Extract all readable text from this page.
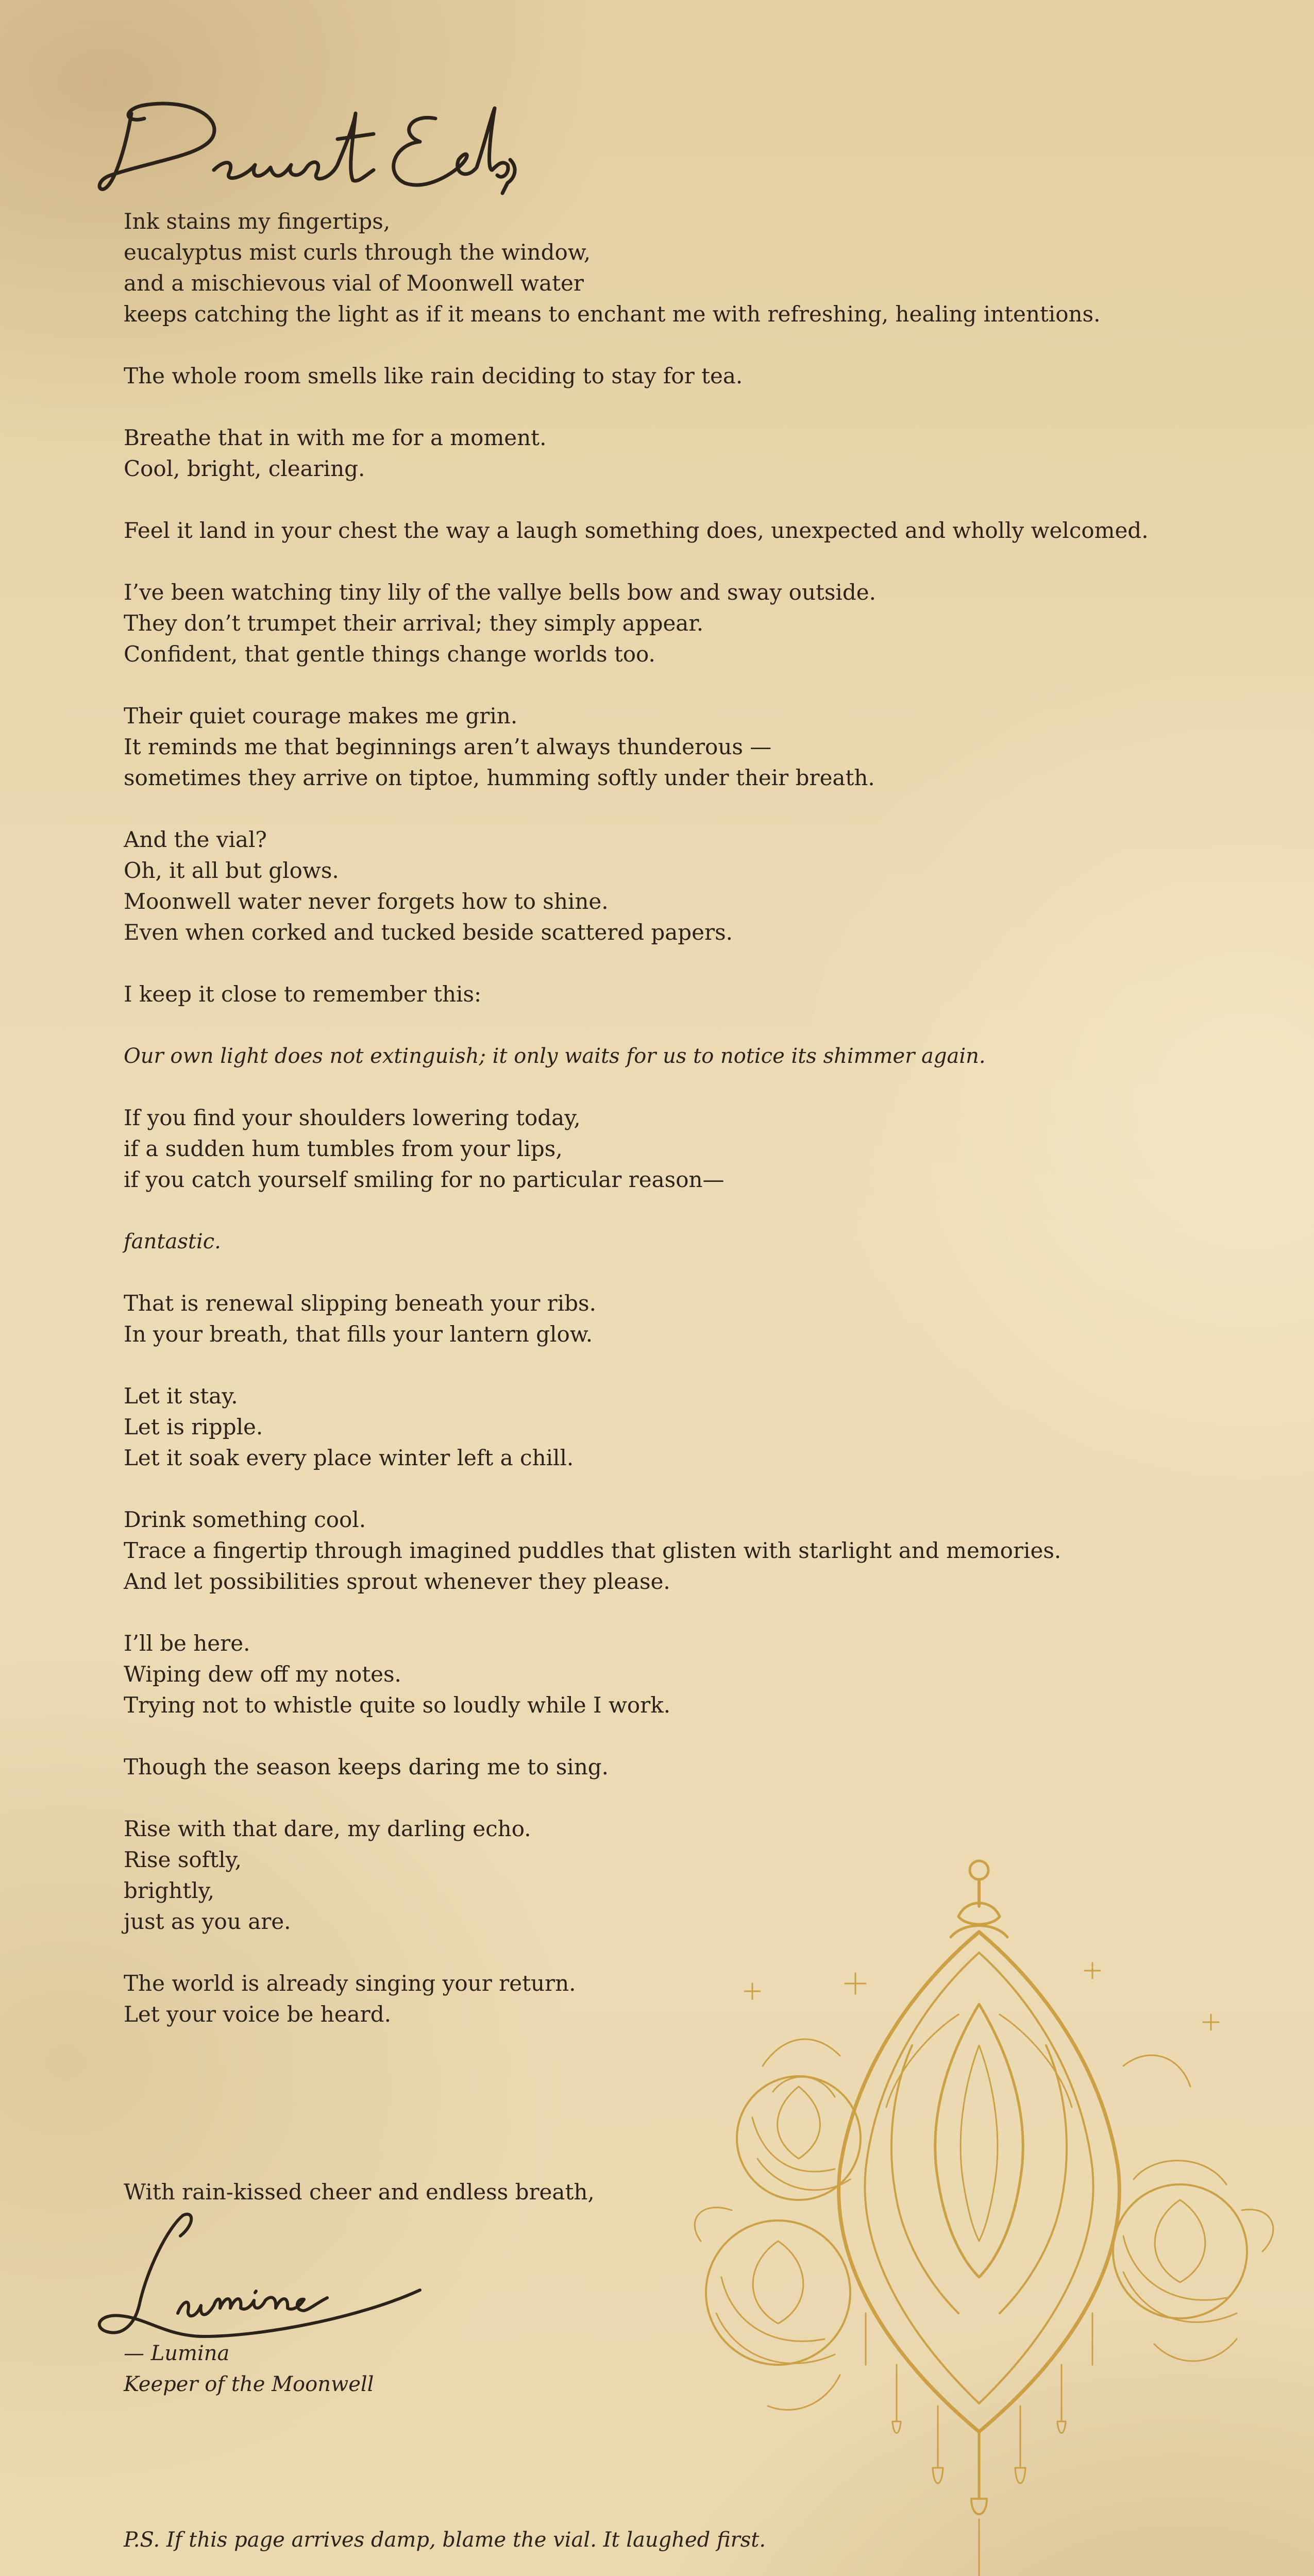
Ink stains my fingertips,
eucalyptus mist curls through the window,
and a mischievous vial of Moonwell water
keeps catching the light as if it means to enchant me with refreshing, healing intentions.
The whole room smells like rain deciding to stay for tea.
Breathe that in with me for a moment.
Cool, bright, clearing.
Feel it land in your chest the way a laugh something does, unexpected and wholly welcomed.
I’ve been watching tiny lily of the vallye bells bow and sway outside.
They don’t trumpet their arrival; they simply appear.
Confident, that gentle things change worlds too.
Their quiet courage makes me grin.
It reminds me that beginnings aren’t always thunderous —
sometimes they arrive on tiptoe, humming softly under their breath.
And the vial?
Oh, it all but glows.
Moonwell water never forgets how to shine.
Even when corked and tucked beside scattered papers.
I keep it close to remember this:
Our own light does not extinguish; it only waits for us to notice its shimmer again.
If you find your shoulders lowering today,
if a sudden hum tumbles from your lips,
if you catch yourself smiling for no particular reason—
fantastic.
That is renewal slipping beneath your ribs.
In your breath, that fills your lantern glow.
Let it stay.
Let is ripple.
Let it soak every place winter left a chill.
Drink something cool.
Trace a fingertip through imagined puddles that glisten with starlight and memories.
And let possibilities sprout whenever they please.
I’ll be here.
Wiping dew off my notes.
Trying not to whistle quite so loudly while I work.
Though the season keeps daring me to sing.
Rise with that dare, my darling echo.
Rise softly,
brightly,
just as you are.
The world is already singing your return.
Let your voice be heard.
With rain-kissed cheer and endless breath,
— Lumina
Keeper of the Moonwell
P.S. If this page arrives damp, blame the vial. It laughed first.
